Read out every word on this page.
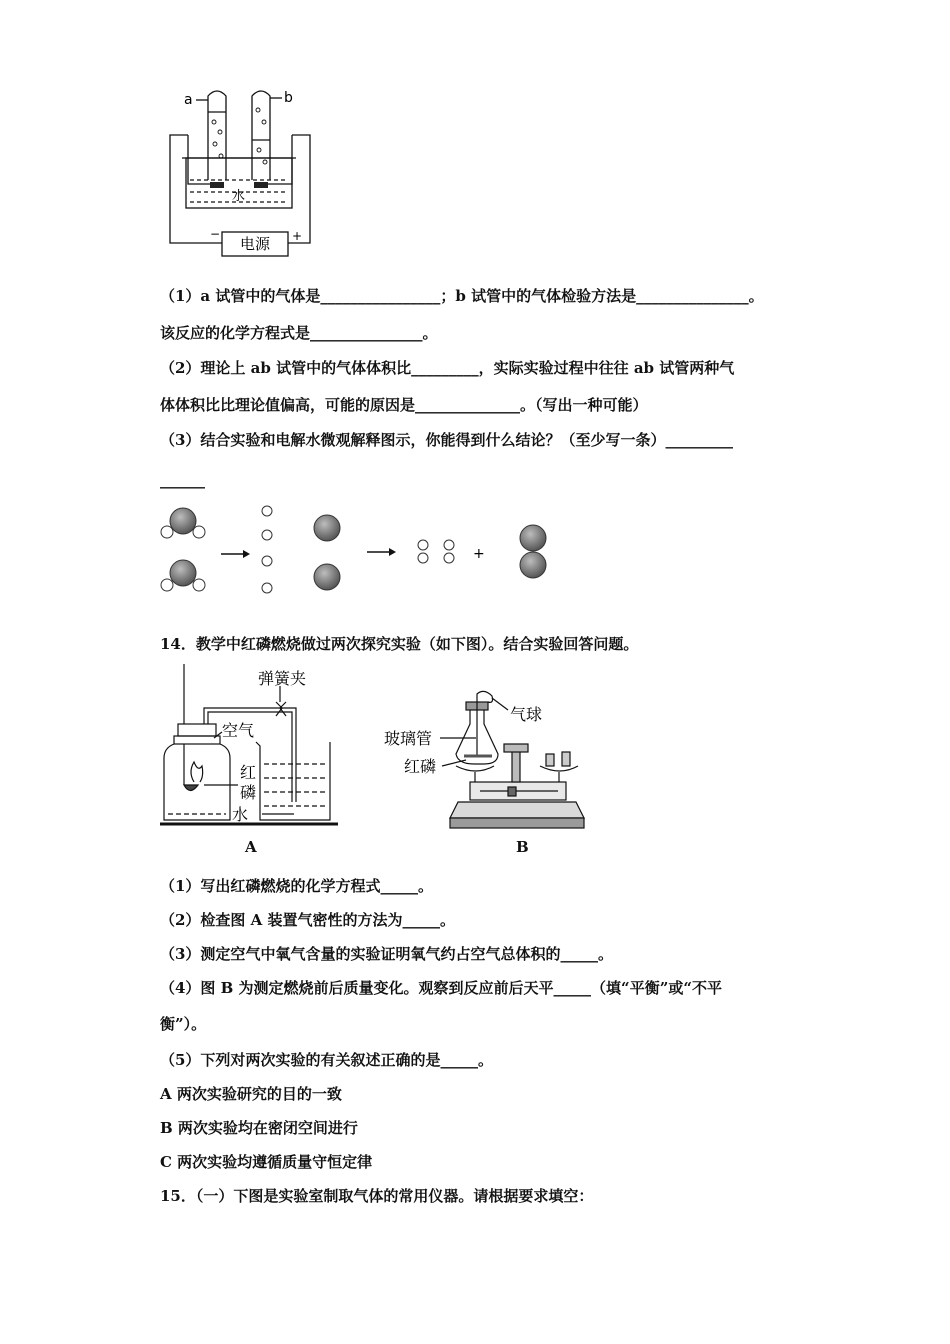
电源
−	+
水
a	b
（1）a 试管中的气体是________________；b 试管中的气体检验方法是_______________。
该反应的化学方程式是_______________。
（2）理论上 ab 试管中的气体体积比_________，实际实验过程中往往 ab 试管两种气
体体积比比理论值偏高，可能的原因是______________。（写出一种可能）
（3）结合实验和电解水微观解释图示，你能得到什么结论？（至少写一条）_________
______
+
14．教学中红磷燃烧做过两次探究实验（如下图）。结合实验回答问题。
弹簧夹
空气
红
磷
水
A
气球
玻璃管
红磷
B
（1）写出红磷燃烧的化学方程式_____。
（2）检查图 A 装置气密性的方法为_____。
（3）测定空气中氧气含量的实验证明氧气约占空气总体积的_____。
（4）图 B 为测定燃烧前后质量变化。观察到反应前后天平_____（填“平衡”或“不平
衡”）。
（5）下列对两次实验的有关叙述正确的是_____。
A 两次实验研究的目的一致
B 两次实验均在密闭空间进行
C 两次实验均遵循质量守恒定律
15．（一）下图是实验室制取气体的常用仪器。请根据要求填空：
